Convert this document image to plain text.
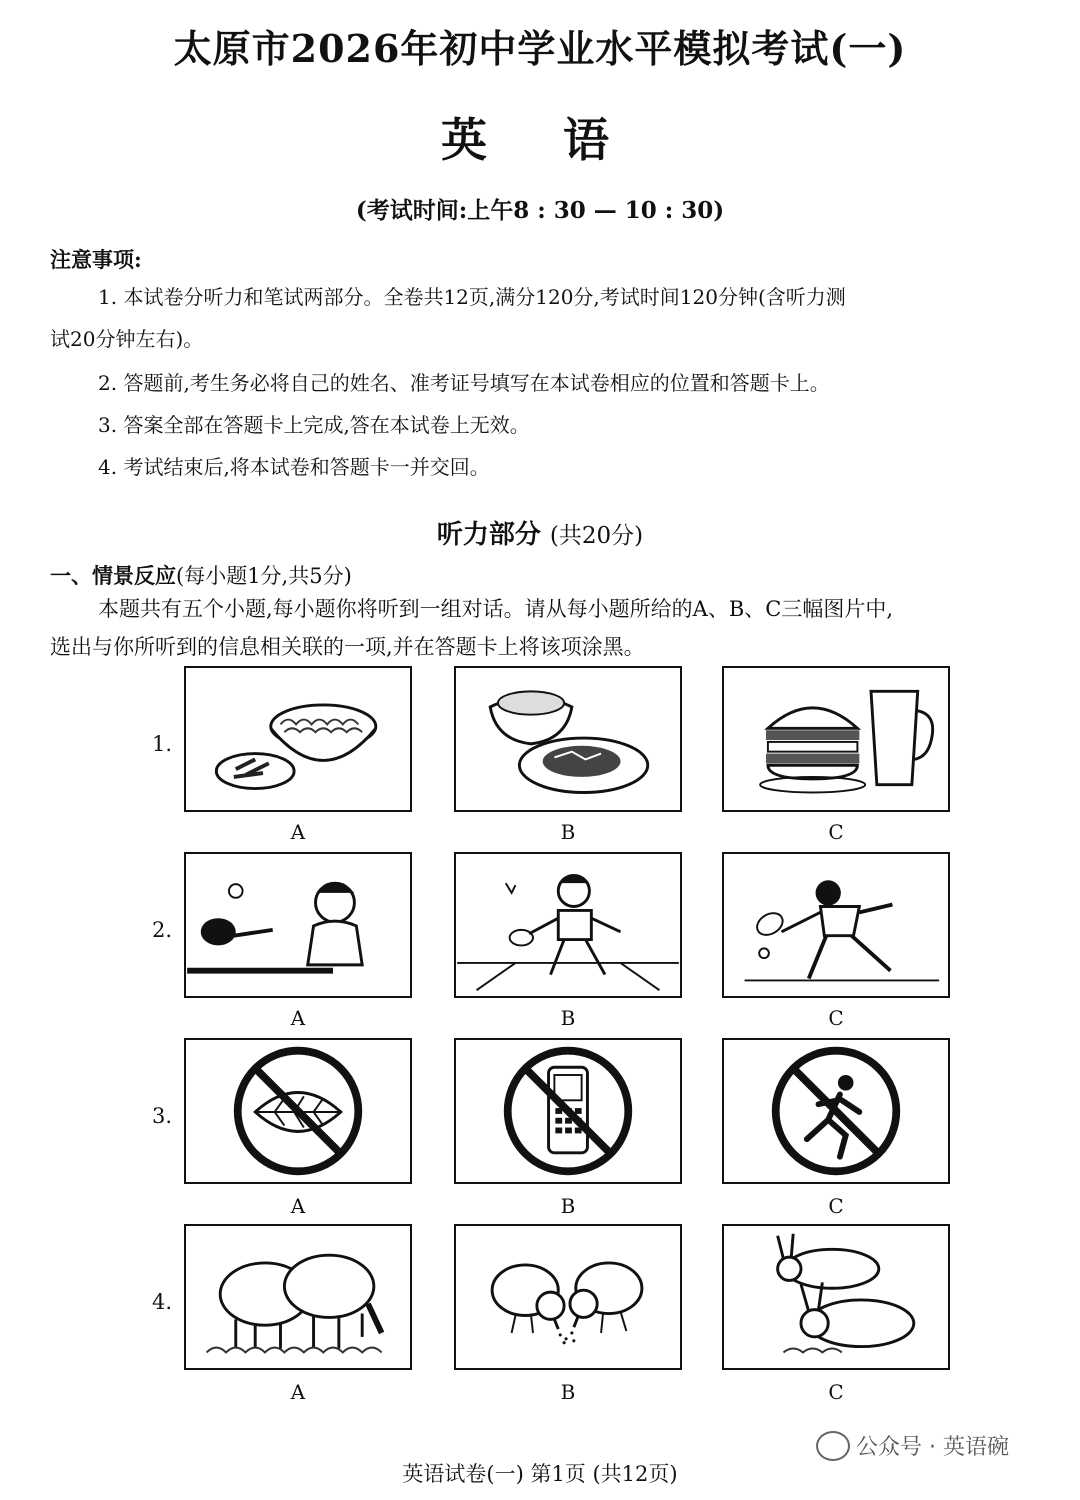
太原市2026年初中学业水平模拟考试(一)
英 语
(考试时间:上午8 : 30 — 10 : 30)
注意事项:
1. 本试卷分听力和笔试两部分。全卷共12页,满分120分,考试时间120分钟(含听力测
试20分钟左右)。
2. 答题前,考生务必将自己的姓名、准考证号填写在本试卷相应的位置和答题卡上。
3. 答案全部在答题卡上完成,答在本试卷上无效。
4. 考试结束后,将本试卷和答题卡一并交回。
听力部分 (共20分)
一、情景反应(每小题1分,共5分)
本题共有五个小题,每小题你将听到一组对话。请从每小题所给的A、B、C三幅图片中,
选出与你所听到的信息相关联的一项,并在答题卡上将该项涂黑。
1.
A	B	C
2.
A	B	C
3.
A	B	C
4.
A	B	C
公众号 · 英语碗
英语试卷(一) 第1页 (共12页)
